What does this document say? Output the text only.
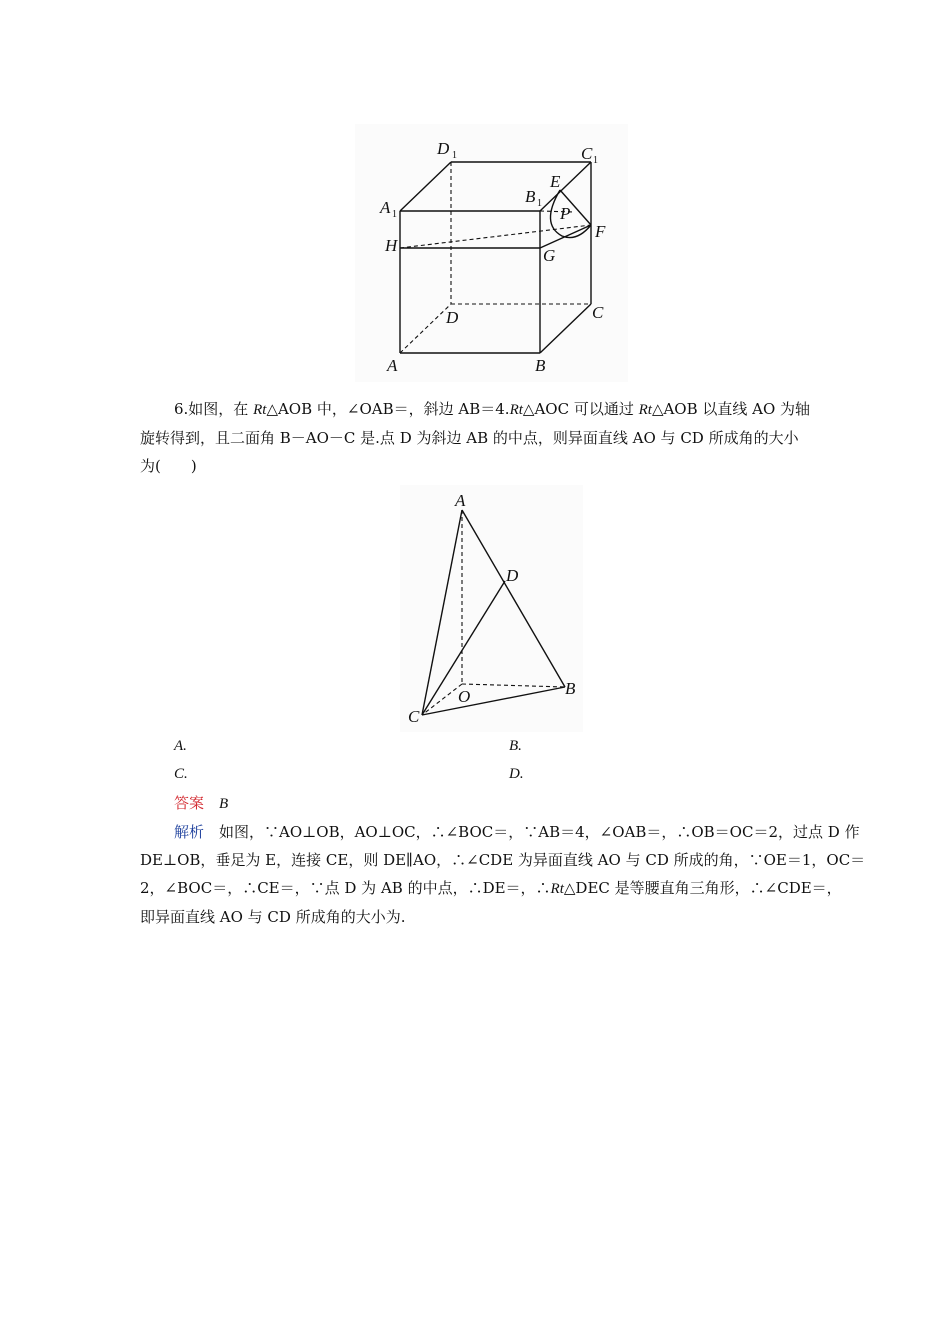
D 1	C 1
A 1
B 1
E
P
F
H
G
D	C
A	B
6.如图，在 Rt△AOB 中，∠OAB＝，斜边 AB＝4.Rt△AOC 可以通过 Rt△AOB 以直线 AO 为轴
旋转得到，且二面角 B－AO－C 是.点 D 为斜边 AB 的中点，则异面直线 AO 与 CD 所成角的大小
为(　　)
A
D
O	B
C
A.	B.
C.	D.
答案　 B
解析　 如图，∵AO⊥OB，AO⊥OC，∴∠BOC＝，∵AB＝4，∠OAB＝，∴OB＝OC＝2，过点 D 作
DE⊥OB，垂足为 E，连接 CE，则 DE∥AO，∴∠CDE 为异面直线 AO 与 CD 所成的角，∵OE＝1，OC＝
2，∠BOC＝，∴CE＝，∵点 D 为 AB 的中点，∴DE＝，∴Rt△DEC 是等腰直角三角形，∴∠CDE＝，
即异面直线 AO 与 CD 所成角的大小为.
